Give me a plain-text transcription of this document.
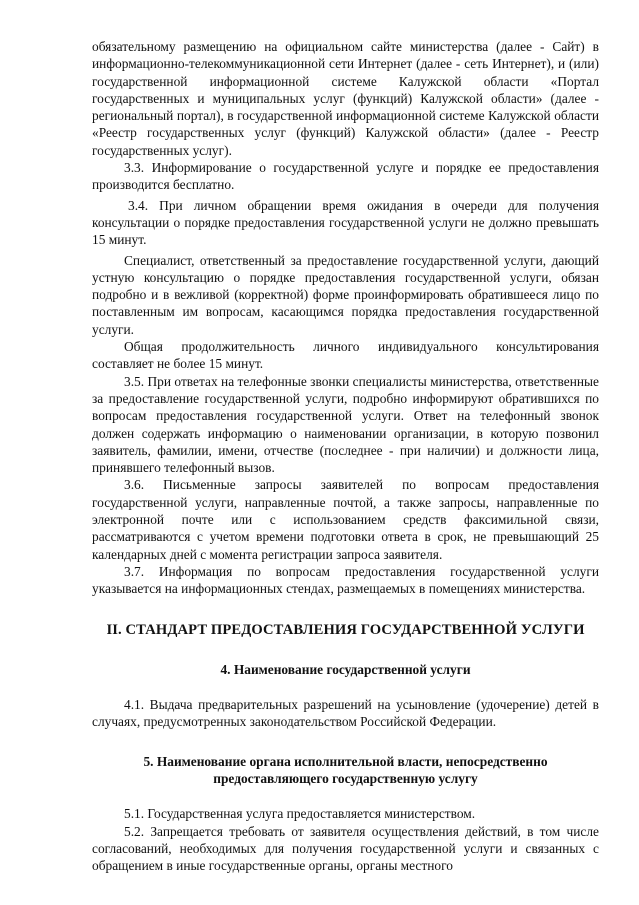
обязательному размещению на официальном сайте министерства (далее - Сайт) в информационно-телекоммуникационной сети Интернет (далее - сеть Интернет), и (или) государственной информационной системе Калужской области «Портал государственных и муниципальных услуг (функций) Калужской области» (далее - региональный портал), в государственной информационной системе Калужской области «Реестр государственных услуг (функций) Калужской области» (далее - Реестр государственных услуг).

3.3. Информирование о государственной услуге и порядке ее предоставления производится бесплатно.

3.4. При личном обращении время ожидания в очереди для получения консультации о порядке предоставления государственной услуги не должно превышать 15 минут.

Специалист, ответственный за предоставление государственной услуги, дающий устную консультацию о порядке предоставления государственной услуги, обязан подробно и в вежливой (корректной) форме проинформировать обратившееся лицо по поставленным им вопросам, касающимся порядка предоставления государственной услуги.

Общая продолжительность личного индивидуального консультирования составляет не более 15 минут.

3.5. При ответах на телефонные звонки специалисты министерства, ответственные за предоставление государственной услуги, подробно информируют обратившихся по вопросам предоставления государственной услуги. Ответ на телефонный звонок должен содержать информацию о наименовании организации, в которую позвонил заявитель, фамилии, имени, отчестве (последнее - при наличии) и должности лица, принявшего телефонный вызов.

3.6. Письменные запросы заявителей по вопросам предоставления государственной услуги, направленные почтой, а также запросы, направленные по электронной почте или с использованием средств факсимильной связи, рассматриваются с учетом времени подготовки ответа в срок, не превышающий 25 календарных дней с момента регистрации запроса заявителя.

3.7. Информация по вопросам предоставления государственной услуги указывается на информационных стендах, размещаемых в помещениях министерства.

II. СТАНДАРТ ПРЕДОСТАВЛЕНИЯ ГОСУДАРСТВЕННОЙ УСЛУГИ
4. Наименование государственной услуги

4.1. Выдача предварительных разрешений на усыновление (удочерение) детей в случаях, предусмотренных законодательством Российской Федерации.

5. Наименование органа исполнительной власти, непосредственно
предоставляющего государственную услугу

5.1. Государственная услуга предоставляется министерством.

5.2. Запрещается требовать от заявителя осуществления действий, в том числе согласований, необходимых для получения государственной услуги и связанных с обращением в иные государственные органы, органы местного
